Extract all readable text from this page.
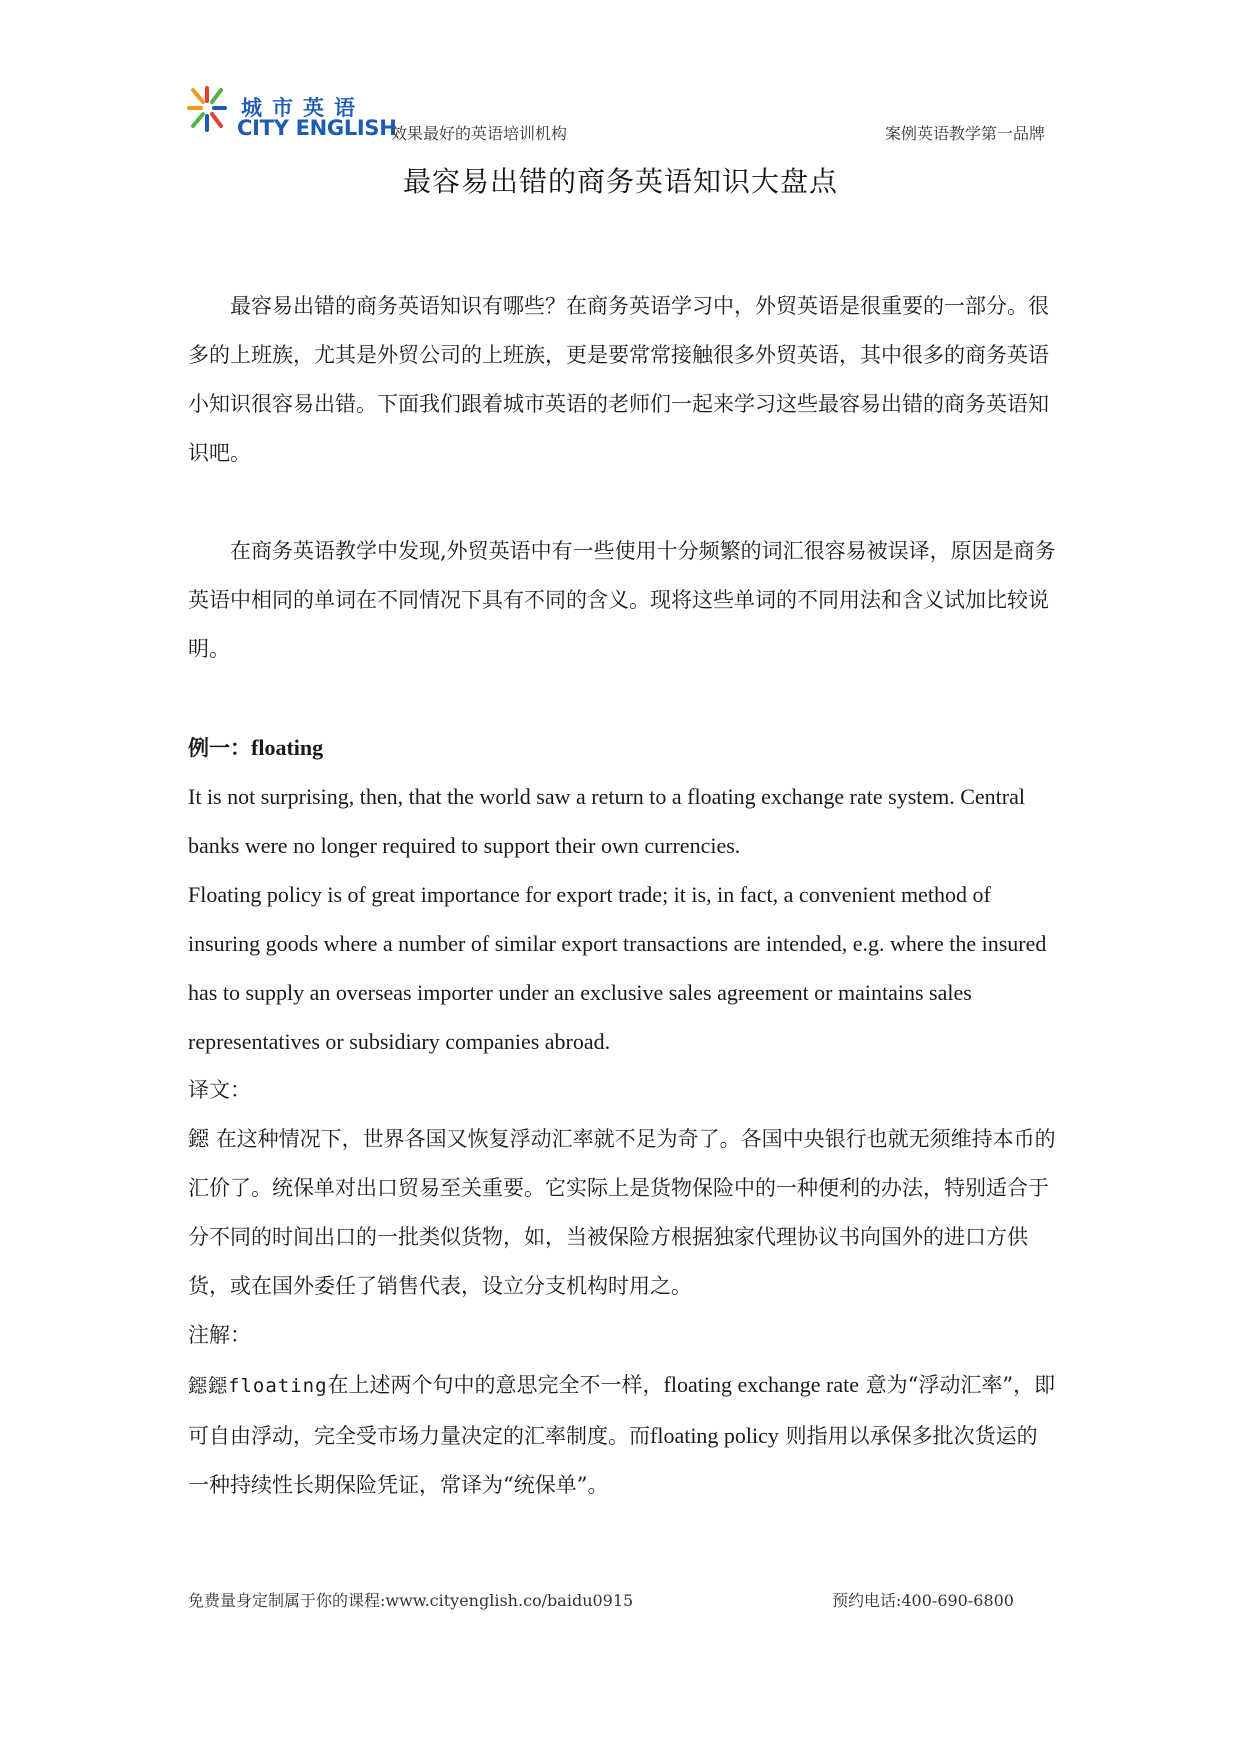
城市英语
CITY ENGLISH
效果最好的英语培训机构	案例英语教学第一品牌
最容易出错的商务英语知识大盘点

最容易出错的商务英语知识有哪些？在商务英语学习中，外贸英语是很重要的一部分。很多的上班族，尤其是外贸公司的上班族，更是要常常接触很多外贸英语，其中很多的商务英语小知识很容易出错。下面我们跟着城市英语的老师们一起来学习这些最容易出错的商务英语知识吧。

在商务英语教学中发现,外贸英语中有一些使用十分频繁的词汇很容易被误译，原因是商务英语中相同的单词在不同情况下具有不同的含义。现将这些单词的不同用法和含义试加比较说明。

例一：floating

It is not surprising, then, that the world saw a return to a floating exchange rate system. Central banks were no longer required to support their own currencies.

Floating policy is of great importance for export trade; it is, in fact, a convenient method of insuring goods where a number of similar export transactions are intended, e.g. where the insured has to supply an overseas importer under an exclusive sales agreement or maintains sales representatives or subsidiary companies abroad.

译文：

鐚 在这种情况下，世界各国又恢复浮动汇率就不足为奇了。各国中央银行也就无须维持本币的汇价了。统保单对出口贸易至关重要。它实际上是货物保险中的一种便利的办法，特别适合于分不同的时间出口的一批类似货物，如，当被保险方根据独家代理协议书向国外的进口方供货，或在国外委任了销售代表，设立分支机构时用之。

注解：

鐚鐚floating在上述两个句中的意思完全不一样，floating exchange rate 意为“浮动汇率”，即可自由浮动，完全受市场力量决定的汇率制度。而floating policy 则指用以承保多批次货运的一种持续性长期保险凭证，常译为“统保单”。

免费量身定制属于你的课程:www.cityenglish.co/baidu0915	预约电话:400-690-6800
